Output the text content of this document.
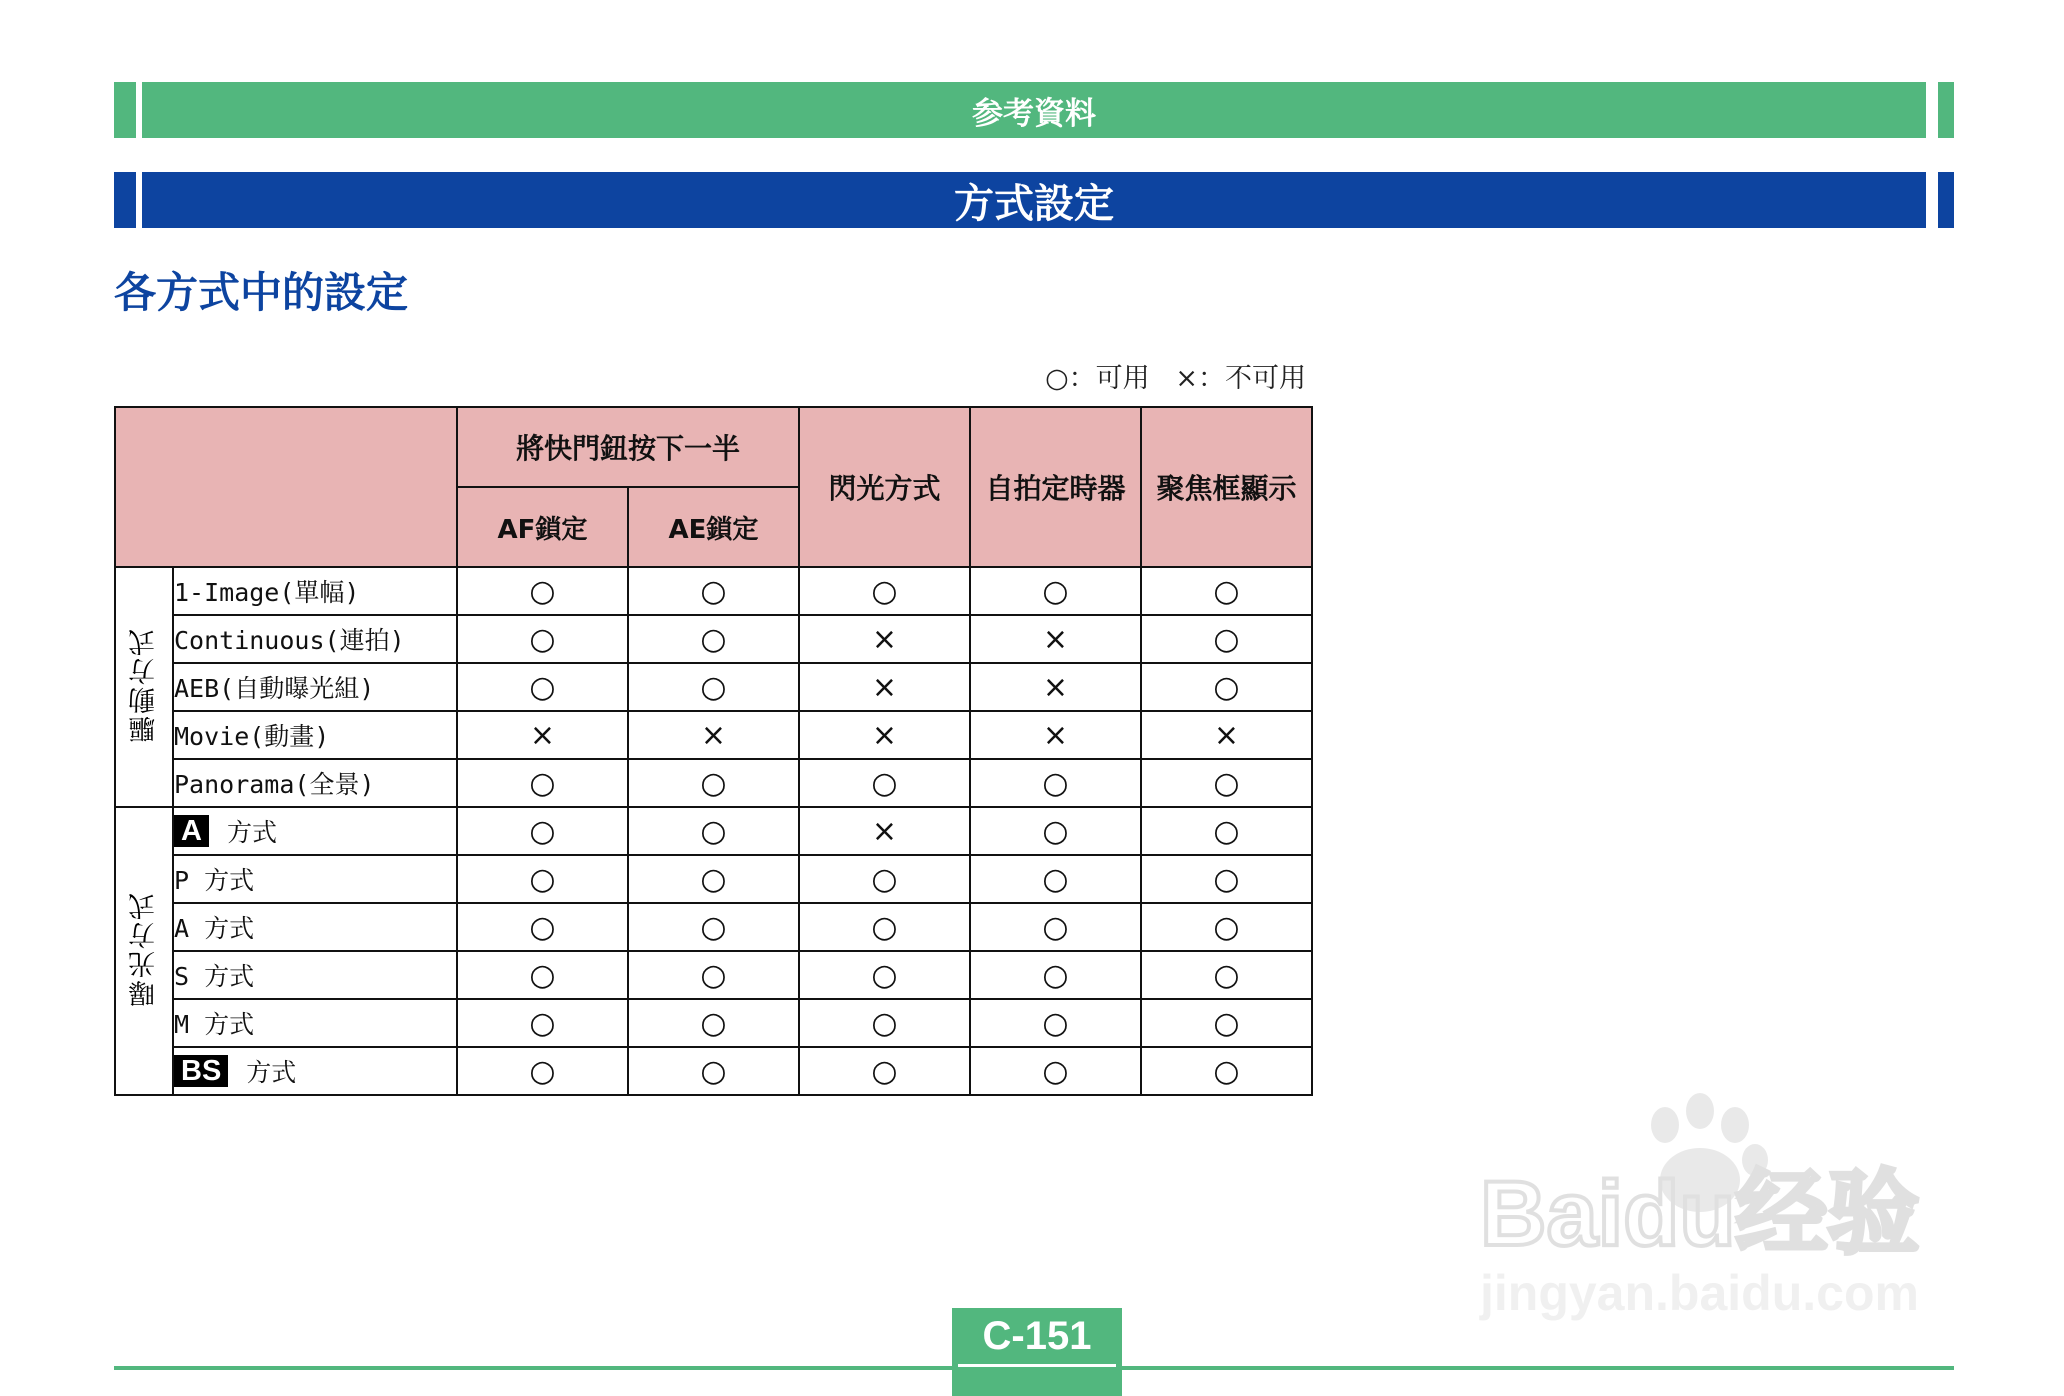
参考資料
方式設定
各方式中的設定
○：可用   ×：不可用
		將快門鈕按下一半		閃光方式	自拍定時器	聚焦框顯示
		AF鎖定	AE鎖定			
驅動方式	1-Image(單幅)	○	○	○	○	○
	Continuous(連拍)	○	○	×	×	○
	AEB(自動曝光組)	○	○	×	×	○
	Movie(動畫)	×	×	×	×	×
	Panorama(全景)	○	○	○	○	○
曝光方式	A 方式	○	○	×	○	○
	P 方式	○	○	○	○	○
	A 方式	○	○	○	○	○
	S 方式	○	○	○	○	○
	M 方式	○	○	○	○	○
	BS 方式	○	○	○	○	○
Baidu经验
jingyan.baidu.com
C-151
